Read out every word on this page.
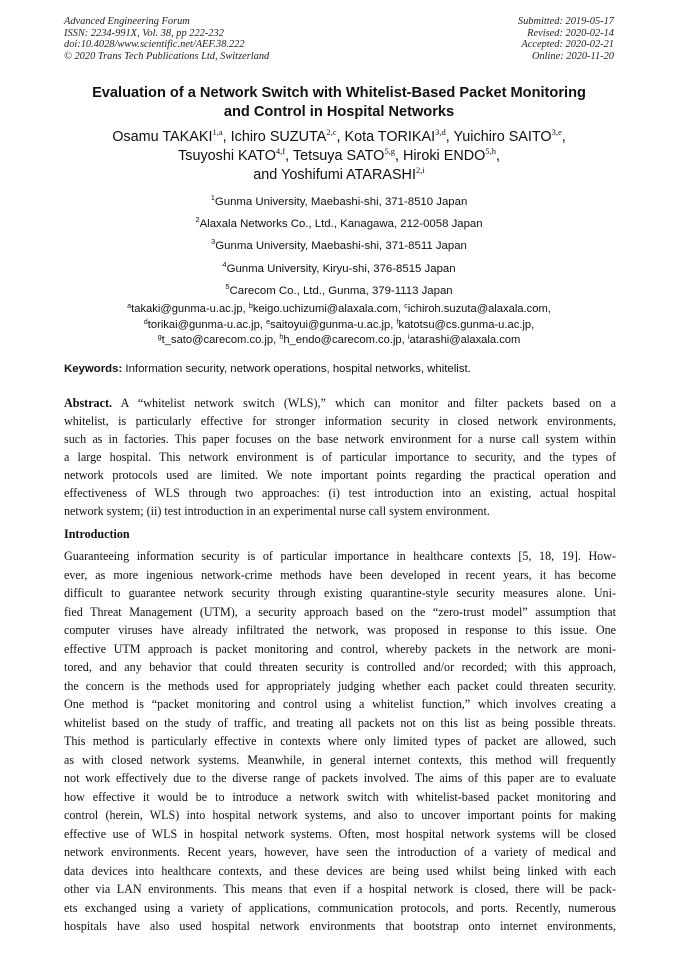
Advanced Engineering Forum
ISSN: 2234-991X, Vol. 38, pp 222-232
doi:10.4028/www.scientific.net/AEF.38.222
© 2020 Trans Tech Publications Ltd, Switzerland
Submitted: 2019-05-17
Revised: 2020-02-14
Accepted: 2020-02-21
Online: 2020-11-20
Evaluation of a Network Switch with Whitelist-Based Packet Monitoring
and Control in Hospital Networks
Osamu TAKAKI$^{1,a}$, Ichiro SUZUTA$^{2,c}$, Kota TORIKAI$^{3,d}$, Yuichiro SAITO$^{3,e}$,
Tsuyoshi KATO$^{4,f}$, Tetsuya SATO$^{5,g}$, Hiroki ENDO$^{5,h}$,
and Yoshifumi ATARASHI$^{2,i}$
$^1$Gunma University, Maebashi-shi, 371-8510 Japan
$^2$Alaxala Networks Co., Ltd., Kanagawa, 212-0058 Japan
$^3$Gunma University, Maebashi-shi, 371-8511 Japan
$^4$Gunma University, Kiryu-shi, 376-8515 Japan
$^5$Carecom Co., Ltd., Gunma, 379-1113 Japan
$^a$takaki@gunma-u.ac.jp, $^b$keigo.uchizumi@alaxala.com, $^c$ichiroh.suzuta@alaxala.com,
$^d$torikai@gunma-u.ac.jp, $^e$saitoyui@gunma-u.ac.jp, $^f$katotsu@cs.gunma-u.ac.jp,
$^g$t_sato@carecom.co.jp, $^h$h_endo@carecom.co.jp, $^i$atarashi@alaxala.com
Keywords: Information security, network operations, hospital networks, whitelist.
Abstract. A “whitelist network switch (WLS),” which can monitor and filter packets based on a
whitelist, is particularly effective for stronger information security in closed network environments,
such as in factories. This paper focuses on the base network environment for a nurse call system within
a large hospital. This network environment is of particular importance to security, and the types of
network protocols used are limited. We note important points regarding the practical operation and
effectiveness of WLS through two approaches: (i) test introduction into an existing, actual hospital
network system; (ii) test introduction in an experimental nurse call system environment.
Introduction
Guaranteeing information security is of particular importance in healthcare contexts [5, 18, 19]. How-
ever, as more ingenious network-crime methods have been developed in recent years, it has become
difficult to guarantee network security through existing quarantine-style security measures alone. Uni-
fied Threat Management (UTM), a security approach based on the “zero-trust model” assumption that
computer viruses have already infiltrated the network, was proposed in response to this issue. One
effective UTM approach is packet monitoring and control, whereby packets in the network are moni-
tored, and any behavior that could threaten security is controlled and/or recorded; with this approach,
the concern is the methods used for appropriately judging whether each packet could threaten security.
One method is “packet monitoring and control using a whitelist function,” which involves creating a
whitelist based on the study of traffic, and treating all packets not on this list as being possible threats.
This method is particularly effective in contexts where only limited types of packet are allowed, such
as with closed network systems. Meanwhile, in general internet contexts, this method will frequently
not work effectively due to the diverse range of packets involved. The aims of this paper are to evaluate
how effective it would be to introduce a network switch with whitelist-based packet monitoring and
control (herein, WLS) into hospital network systems, and also to uncover important points for making
effective use of WLS in hospital network systems. Often, most hospital network systems will be closed
network environments. Recent years, however, have seen the introduction of a variety of medical and
data devices into healthcare contexts, and these devices are being used whilst being linked with each
other via LAN environments. This means that even if a hospital network is closed, there will be pack-
ets exchanged using a variety of applications, communication protocols, and ports. Recently, numerous
hospitals have also used hospital network environments that bootstrap onto internet environments,
